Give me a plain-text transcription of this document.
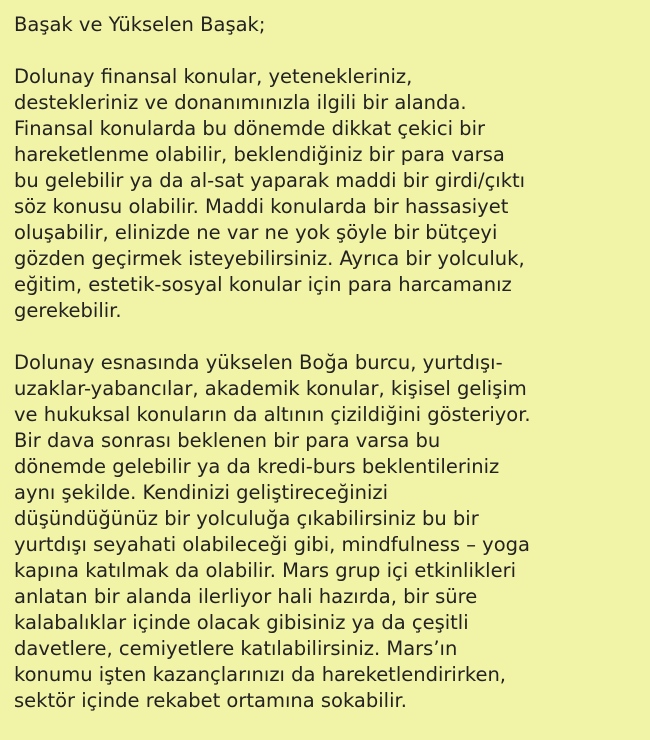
Başak ve Yükselen Başak;
Dolunay finansal konular, yetenekleriniz,
destekleriniz ve donanımınızla ilgili bir alanda.
Finansal konularda bu dönemde dikkat çekici bir
hareketlenme olabilir, beklendiğiniz bir para varsa
bu gelebilir ya da al-sat yaparak maddi bir girdi/çıktı
söz konusu olabilir. Maddi konularda bir hassasiyet
oluşabilir, elinizde ne var ne yok şöyle bir bütçeyi
gözden geçirmek isteyebilirsiniz. Ayrıca bir yolculuk,
eğitim, estetik-sosyal konular için para harcamanız
gerekebilir.
Dolunay esnasında yükselen Boğa burcu, yurtdışı-
uzaklar-yabancılar, akademik konular, kişisel gelişim
ve hukuksal konuların da altının çizildiğini gösteriyor.
Bir dava sonrası beklenen bir para varsa bu
dönemde gelebilir ya da kredi-burs beklentileriniz
aynı şekilde. Kendinizi geliştireceğinizi
düşündüğünüz bir yolculuğa çıkabilirsiniz bu bir
yurtdışı seyahati olabileceği gibi, mindfulness – yoga
kapına katılmak da olabilir. Mars grup içi etkinlikleri
anlatan bir alanda ilerliyor hali hazırda, bir süre
kalabalıklar içinde olacak gibisiniz ya da çeşitli
davetlere, cemiyetlere katılabilirsiniz. Mars’ın
konumu işten kazançlarınızı da hareketlendirirken,
sektör içinde rekabet ortamına sokabilir.
